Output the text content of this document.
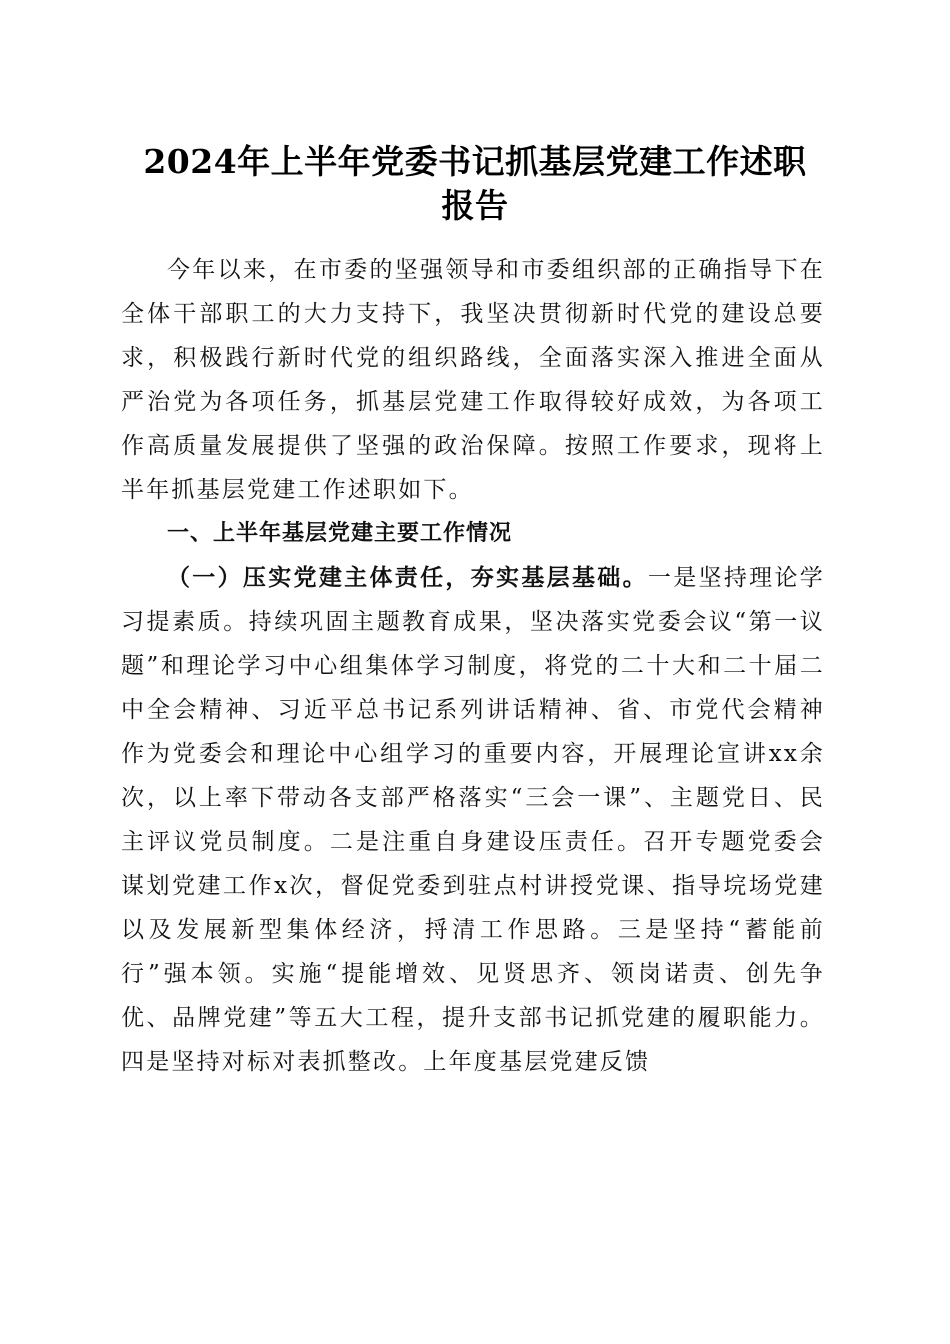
2024年上半年党委书记抓基层党建工作述职
报告

今年以来，在市委的坚强领导和市委组织部的正确指导下在全体干部职工的大力支持下，我坚决贯彻新时代党的建设总要求，积极践行新时代党的组织路线，全面落实深入推进全面从严治党为各项任务，抓基层党建工作取得较好成效，为各项工作高质量发展提供了坚强的政治保障。按照工作要求，现将上半年抓基层党建工作述职如下。

一、上半年基层党建主要工作情况

（一）压实党建主体责任，夯实基层基础。一是坚持理论学习提素质。持续巩固主题教育成果，坚决落实党委会议“第一议题”和理论学习中心组集体学习制度，将党的二十大和二十届二中全会精神、习近平总书记系列讲话精神、省、市党代会精神作为党委会和理论中心组学习的重要内容，开展理论宣讲xx余次，以上率下带动各支部严格落实“三会一课”、主题党日、民主评议党员制度。二是注重自身建设压责任。召开专题党委会谋划党建工作x次，督促党委到驻点村讲授党课、指导垸场党建以及发展新型集体经济，捋清工作思路。三是坚持“蓄能前行”强本领。实施“提能增效、见贤思齐、领岗诺责、创先争优、品牌党建”等五大工程，提升支部书记抓党建的履职能力。四是坚持对标对表抓整改。上年度基层党建反馈
